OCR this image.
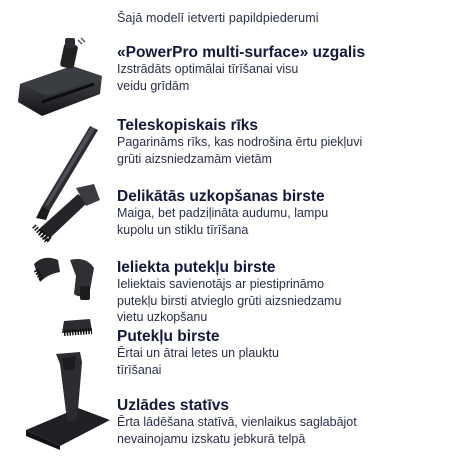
Šajā modelī ietverti papildpiederumi
«PowerPro multi-surface» uzgalis
Izstrādāts optimālai tīrīšanai visu
veidu grīdām
Teleskopiskais rīks
Pagarināms rīks, kas nodrošina ērtu piekļuvi
grūti aizsniedzamām vietām
Delikātās uzkopšanas birste
Maiga, bet padziļināta audumu, lampu
kupolu un stiklu tīrīšana
Ieliekta putekļu birste
Ieliektais savienotājs ar piestiprināmo
putekļu birsti atvieglo grūti aizsniedzamu
vietu uzkopšanu
Putekļu birste
Ērtai un ātrai letes un plauktu
tīrīšanai
Uzlādes statīvs
Ērta lādēšana statīvā, vienlaikus saglabājot
nevainojamu izskatu jebkurā telpā
